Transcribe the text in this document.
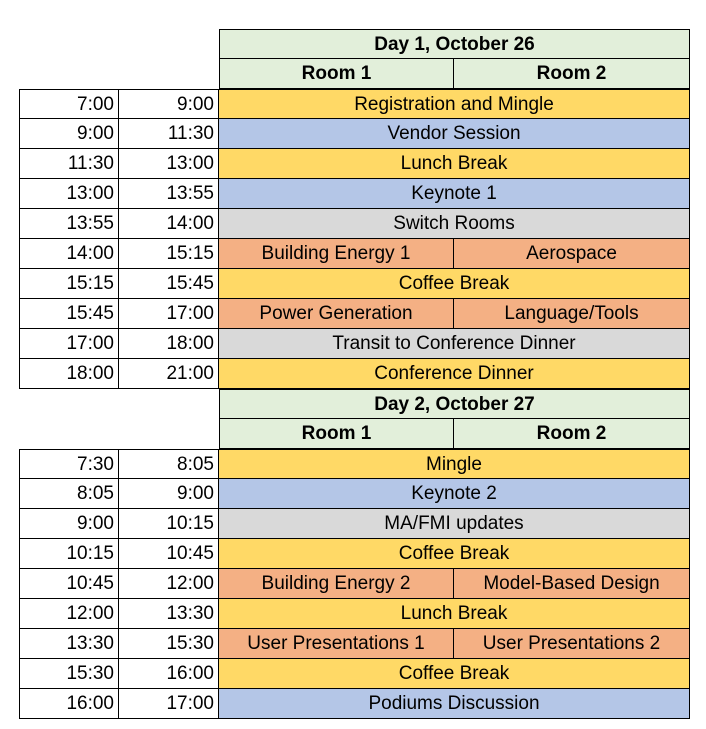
Day 1, October 26
Room 1	Room 2
7:00	9:00	Registration and Mingle
9:00	11:30	Vendor Session
11:30	13:00	Lunch Break
13:00	13:55	Keynote 1
13:55	14:00	Switch Rooms
14:00	15:15	Building Energy 1	Aerospace
15:15	15:45	Coffee Break
15:45	17:00	Power Generation	Language/Tools
17:00	18:00	Transit to Conference Dinner
18:00	21:00	Conference Dinner
Day 2, October 27
Room 1	Room 2
7:30	8:05	Mingle
8:05	9:00	Keynote 2
9:00	10:15	MA/FMI updates
10:15	10:45	Coffee Break
10:45	12:00	Building Energy 2	Model-Based Design
12:00	13:30	Lunch Break
13:30	15:30	User Presentations 1	User Presentations 2
15:30	16:00	Coffee Break
16:00	17:00	Podiums Discussion
